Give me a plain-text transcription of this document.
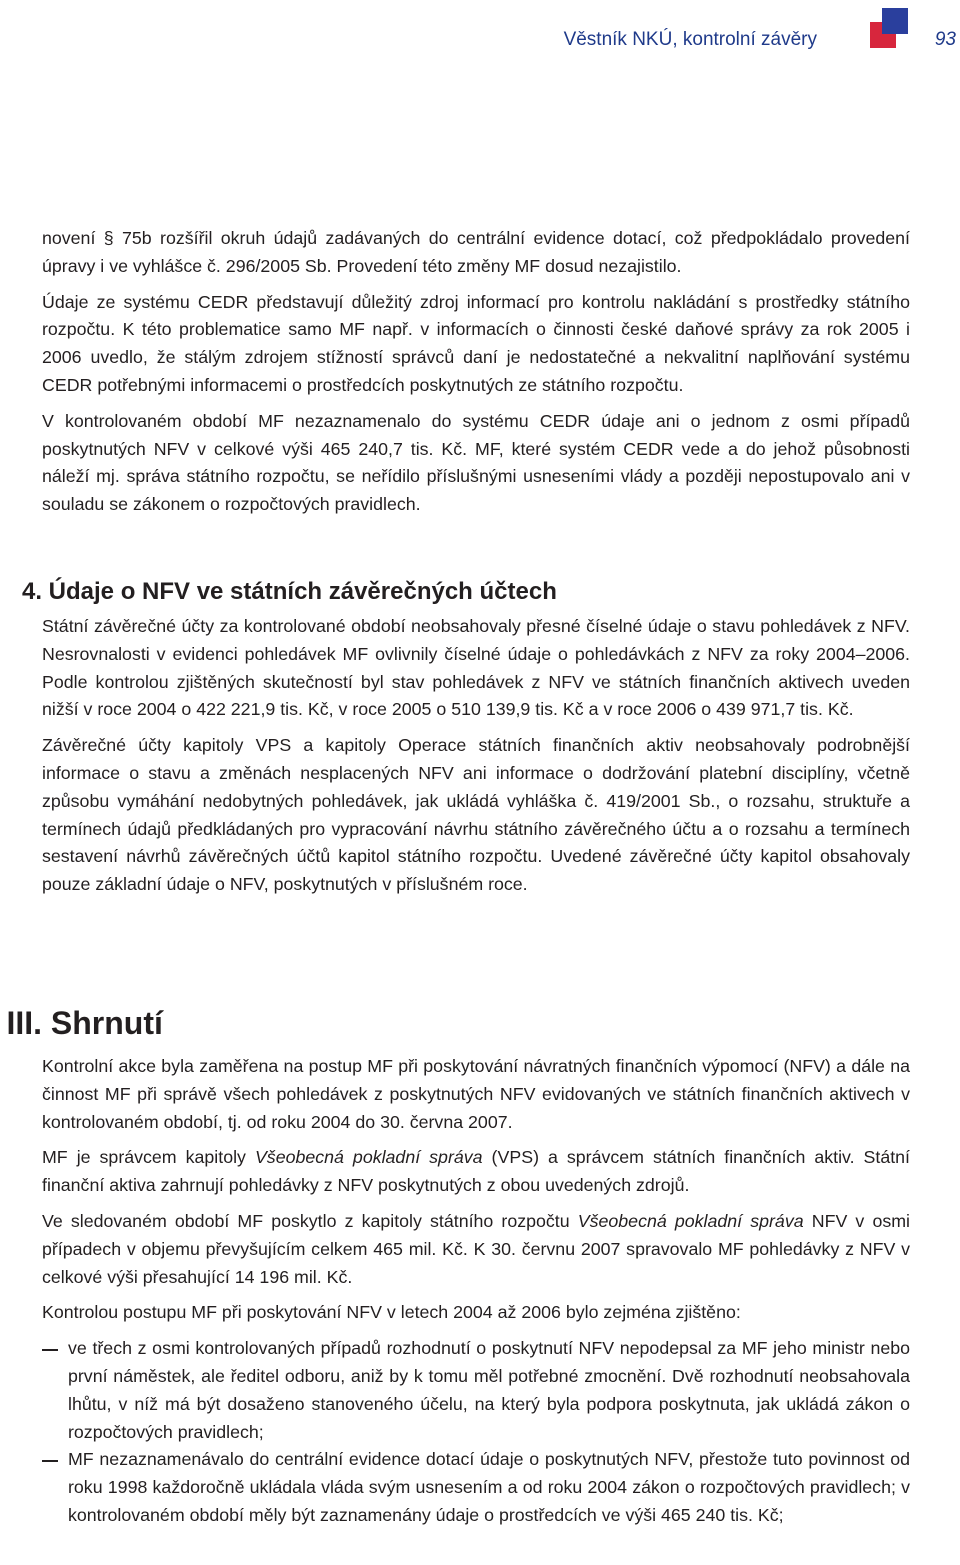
Věstník NKÚ, kontrolní závěry	93

novení § 75b rozšířil okruh údajů zadávaných do centrální evidence dotací, což předpokládalo provedení úpravy i ve vyhlášce č. 296/2005 Sb. Provedení této změny MF dosud nezajistilo.

Údaje ze systému CEDR představují důležitý zdroj informací pro kontrolu nakládání s prostředky státního rozpočtu. K této problematice samo MF např. v informacích o činnosti české daňové správy za rok 2005 i 2006 uvedlo, že stálým zdrojem stížností správců daní je nedostatečné a nekvalitní naplňování systému CEDR potřebnými informacemi o prostředcích poskytnutých ze státního rozpočtu.

V kontrolovaném období MF nezaznamenalo do systému CEDR údaje ani o jednom z osmi případů poskytnutých NFV v celkové výši 465 240,7 tis. Kč. MF, které systém CEDR vede a do jehož působnosti náleží mj. správa státního rozpočtu, se neřídilo příslušnými usneseními vlády a později nepostupovalo ani v souladu se zákonem o rozpočtových pravidlech.

4. Údaje o NFV ve státních závěrečných účtech

Státní závěrečné účty za kontrolované období neobsahovaly přesné číselné údaje o stavu pohledávek z NFV. Nesrovnalosti v evidenci pohledávek MF ovlivnily číselné údaje o pohledávkách z NFV za roky 2004–2006. Podle kontrolou zjištěných skutečností byl stav pohledávek z NFV ve státních finančních aktivech uveden nižší v roce 2004 o 422 221,9 tis. Kč, v roce 2005 o 510 139,9 tis. Kč a v roce 2006 o 439 971,7 tis. Kč.

Závěrečné účty kapitoly VPS a kapitoly Operace státních finančních aktiv neobsahovaly podrobnější informace o stavu a změnách nesplacených NFV ani informace o dodržování platební disciplíny, včetně způsobu vymáhání nedobytných pohledávek, jak ukládá vyhláška č. 419/2001 Sb., o rozsahu, struktuře a termínech údajů předkládaných pro vypracování návrhu státního závěrečného účtu a o rozsahu a termínech sestavení návrhů závěrečných účtů kapitol státního rozpočtu. Uvedené závěrečné účty kapitol obsahovaly pouze základní údaje o NFV, poskytnutých v příslušném roce.

III. Shrnutí

Kontrolní akce byla zaměřena na postup MF při poskytování návratných finančních výpomocí (NFV) a dále na činnost MF při správě všech pohledávek z poskytnutých NFV evidovaných ve státních finančních aktivech v kontrolovaném období, tj. od roku 2004 do 30. června 2007.

MF je správcem kapitoly Všeobecná pokladní správa (VPS) a správcem státních finančních aktiv. Státní finanční aktiva zahrnují pohledávky z NFV poskytnutých z obou uvedených zdrojů.

Ve sledovaném období MF poskytlo z kapitoly státního rozpočtu Všeobecná pokladní správa NFV v osmi případech v objemu převyšujícím celkem 465 mil. Kč. K 30. červnu 2007 spravovalo MF pohledávky z NFV v celkové výši přesahující 14 196 mil. Kč.

Kontrolou postupu MF při poskytování NFV v letech 2004 až 2006 bylo zejména zjištěno:

ve třech z osmi kontrolovaných případů rozhodnutí o poskytnutí NFV nepodepsal za MF jeho ministr nebo první náměstek, ale ředitel odboru, aniž by k tomu měl potřebné zmocnění. Dvě rozhodnutí neobsahovala lhůtu, v níž má být dosaženo stanoveného účelu, na který byla podpora poskytnuta, jak ukládá zákon o rozpočtových pravidlech;
MF nezaznamenávalo do centrální evidence dotací údaje o poskytnutých NFV, přestože tuto povinnost od roku 1998 každoročně ukládala vláda svým usnesením a od roku 2004 zákon o rozpočtových pravidlech; v kontrolovaném období měly být zaznamenány údaje o prostředcích ve výši 465 240 tis. Kč;
